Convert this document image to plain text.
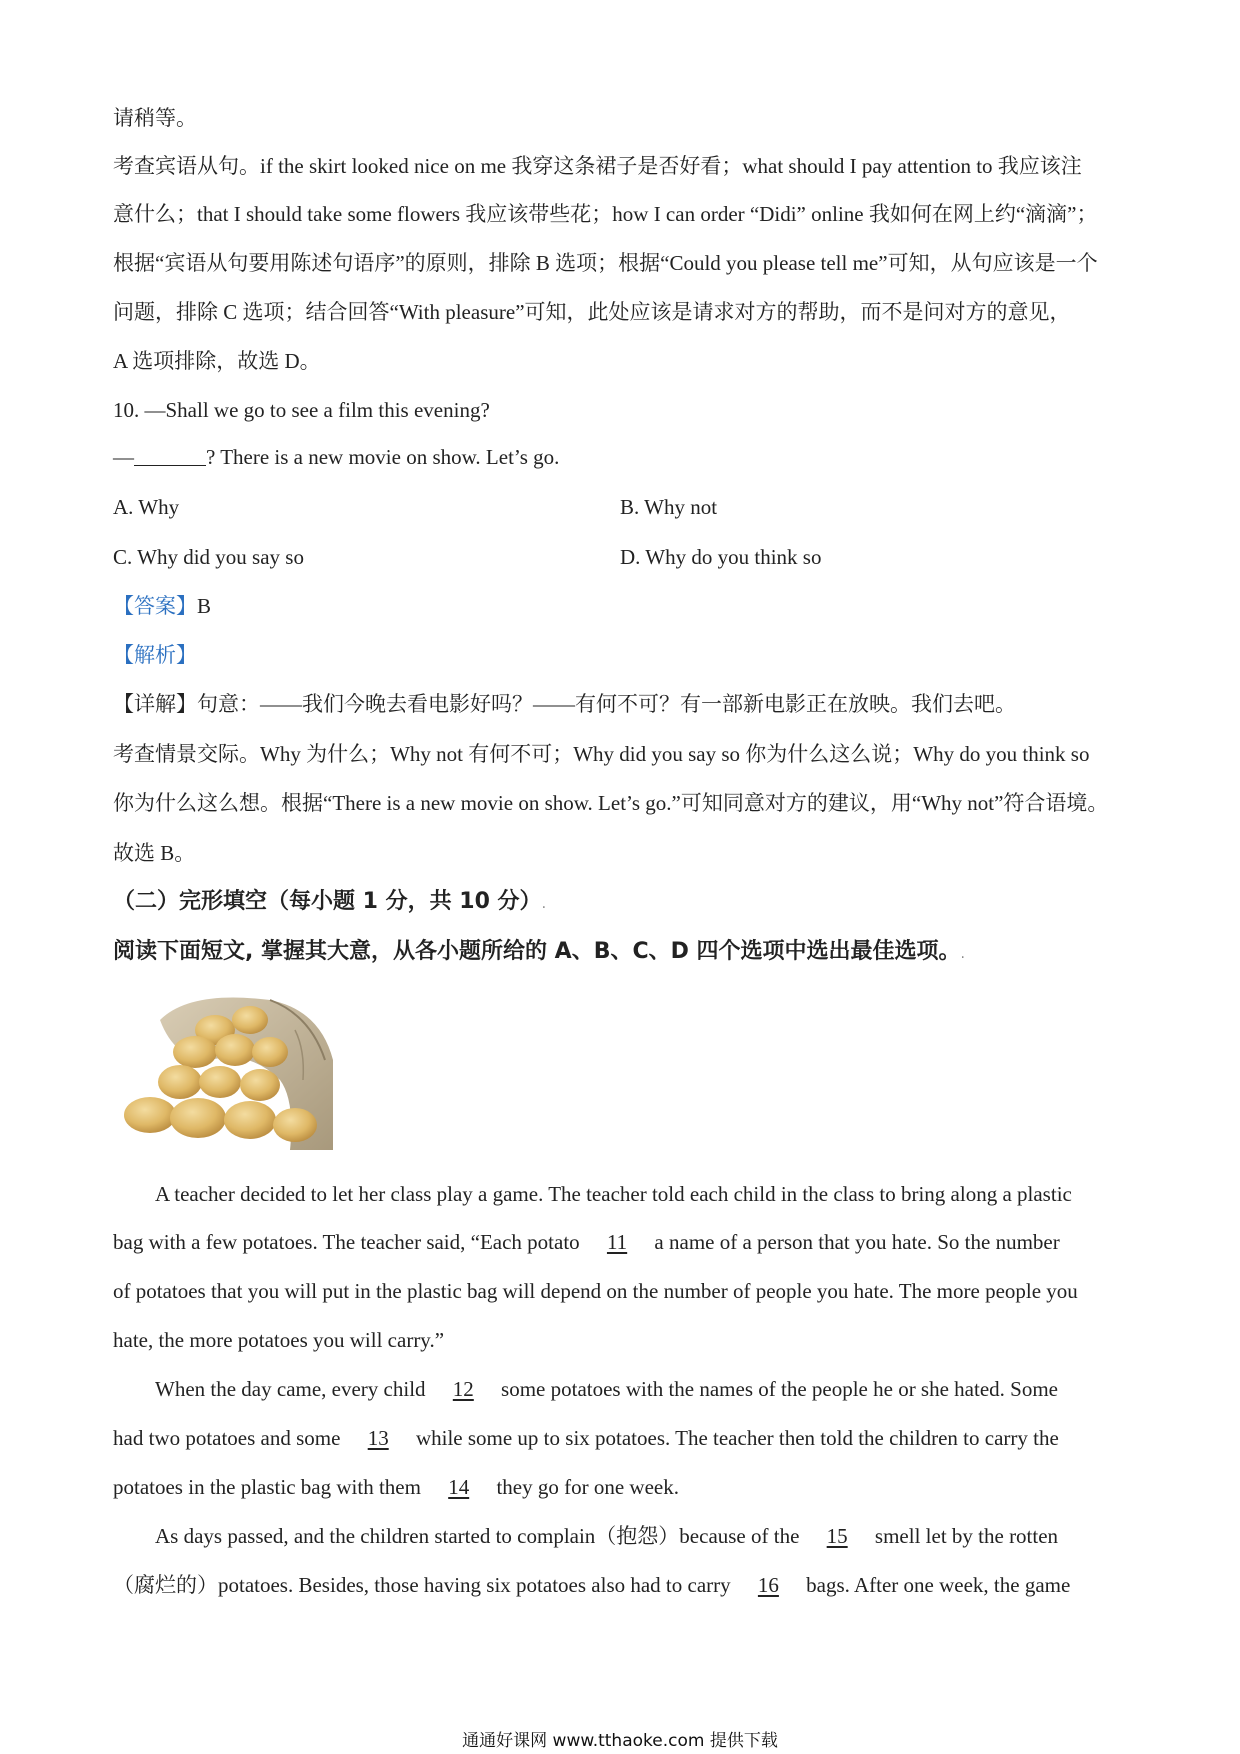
请稍等。
考查宾语从句。if the skirt looked nice on me 我穿这条裙子是否好看；what should I pay attention to 我应该注
意什么；that I should take some flowers 我应该带些花；how I can order “Didi” online 我如何在网上约“滴滴”；
根据“宾语从句要用陈述句语序”的原则，排除 B 选项；根据“Could you please tell me”可知，从句应该是一个
问题，排除 C 选项；结合回答“With pleasure”可知，此处应该是请求对方的帮助，而不是问对方的意见，
A 选项排除，故选 D。
10. —Shall we go to see a film this evening?
—	? There is a new movie on show. Let’s go.
A. Why	B. Why not
C. Why did you say so	D. Why do you think so
【答案】B
【解析】
【详解】句意：——我们今晚去看电影好吗？——有何不可？有一部新电影正在放映。我们去吧。
考查情景交际。Why 为什么；Why not 有何不可；Why did you say so 你为什么这么说；Why do you think so
你为什么这么想。根据“There is a new movie on show. Let’s go.”可知同意对方的建议，用“Why not”符合语境。
故选 B。
（二）完形填空（每小题 1 分，共 10 分）.
阅读下面短文, 掌握其大意，从各小题所给的 A、B、C、D 四个选项中选出最佳选项。.
A teacher decided to let her class play a game. The teacher told each child in the class to bring along a plastic
bag with a few potatoes. The teacher said, “Each potato 11 a name of a person that you hate. So the number
of potatoes that you will put in the plastic bag will depend on the number of people you hate. The more people you
hate, the more potatoes you will carry.”
When the day came, every child 12 some potatoes with the names of the people he or she hated. Some
had two potatoes and some 13 while some up to six potatoes. The teacher then told the children to carry the
potatoes in the plastic bag with them 14 they go for one week.
As days passed, and the children started to complain（抱怨）because of the 15 smell let by the rotten
（腐烂的）potatoes. Besides, those having six potatoes also had to carry 16 bags. After one week, the game
通通好课网 www.tthaoke.com 提供下载
